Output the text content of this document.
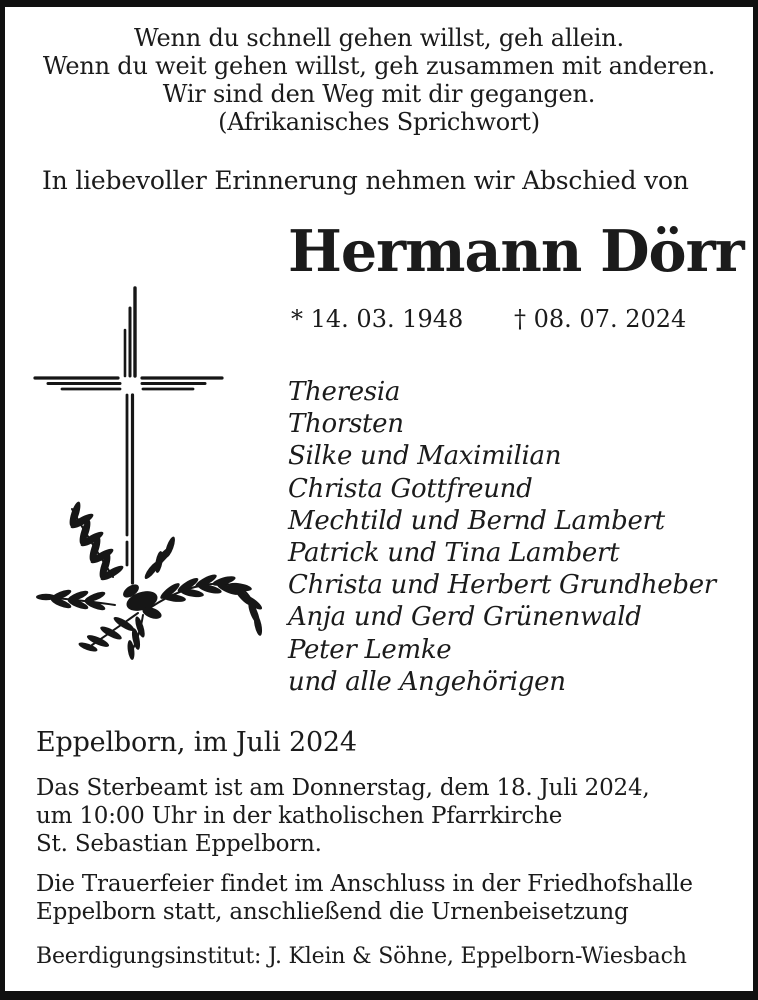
Wenn du schnell gehen willst, geh allein.
Wenn du weit gehen willst, geh zusammen mit anderen.
Wir sind den Weg mit dir gegangen.
(Afrikanisches Sprichwort)
In liebevoller Erinnerung nehmen wir Abschied von
Hermann Dörr
* 14. 03. 1948 † 08. 07. 2024
Theresia
Thorsten
Silke und Maximilian
Christa Gottfreund
Mechtild und Bernd Lambert
Patrick und Tina Lambert
Christa und Herbert Grundheber
Anja und Gerd Grünenwald
Peter Lemke
und alle Angehörigen
Eppelborn, im Juli 2024
Das Sterbeamt ist am Donnerstag, dem 18. Juli 2024,
um 10:00 Uhr in der katholischen Pfarrkirche
St. Sebastian Eppelborn.
Die Trauerfeier findet im Anschluss in der Friedhofshalle
Eppelborn statt, anschließend die Urnenbeisetzung
Beerdigungsinstitut: J. Klein & Söhne, Eppelborn-Wiesbach
